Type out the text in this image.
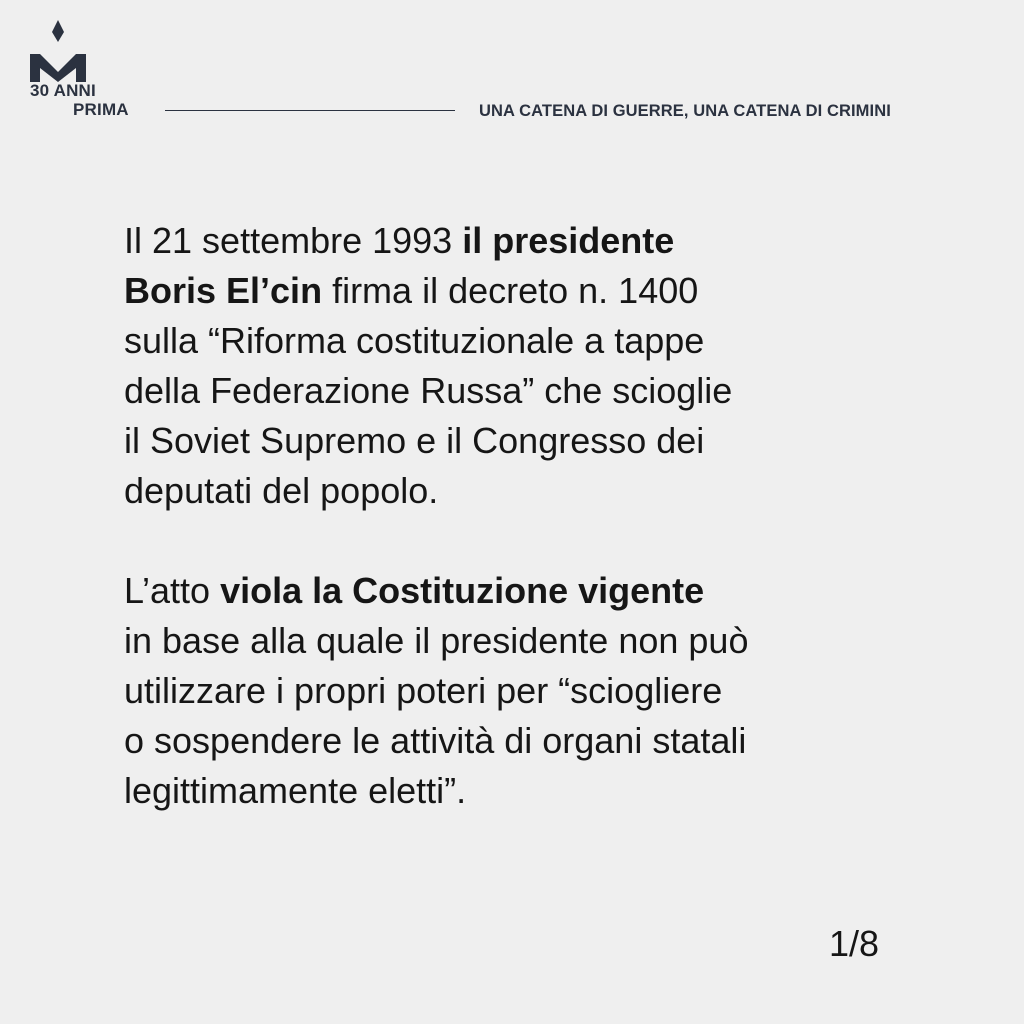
30 ANNI
PRIMA	UNA CATENA DI GUERRE, UNA CATENA DI CRIMINI

Il 21 settembre 1993 il presidente
Boris El’cin firma il decreto n. 1400
sulla “Riforma costituzionale a tappe
della Federazione Russa” che scioglie
il Soviet Supremo e il Congresso dei
deputati del popolo.

L’atto viola la Costituzione vigente
in base alla quale il presidente non può
utilizzare i propri poteri per “sciogliere
o sospendere le attività di organi statali
legittimamente eletti”.

1/8
